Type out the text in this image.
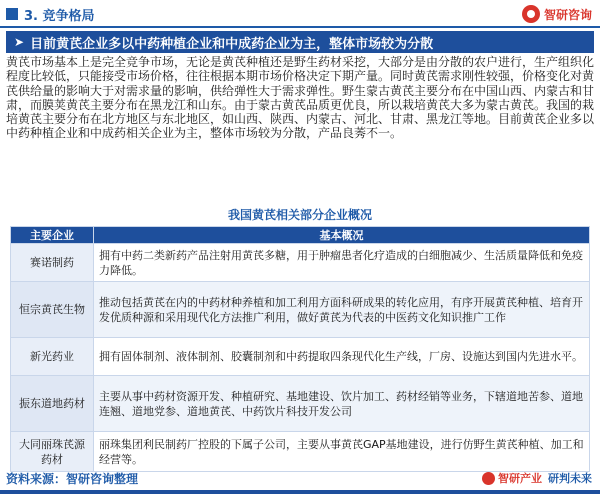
3. 竞争格局	智研咨询
➤ 目前黄芪企业多以中药种植企业和中成药企业为主，整体市场较为分散
黄芪市场基本上是完全竞争市场，无论是黄芪种植还是野生药材采挖，大部分是由分散的农户进行，生产组织化程度比较低，只能接受市场价格，往往根据本期市场价格决定下期产量。同时黄芪需求刚性较强，价格变化对黄芪供给量的影响大于对需求量的影响，供给弹性大于需求弹性。野生蒙古黄芪主要分布在中国山西、内蒙古和甘肃，而膜荚黄芪主要分布在黑龙江和山东。由于蒙古黄芪品质更优良，所以栽培黄芪大多为蒙古黄芪。我国的栽培黄芪主要分布在北方地区与东北地区，如山西、陕西、内蒙古、河北、甘肃、黑龙江等地。目前黄芪企业多以中药种植企业和中成药相关企业为主，整体市场较为分散，产品良莠不一。
我国黄芪相关部分企业概况
主要企业	基本概况
赛诺制药	拥有中药二类新药产品注射用黄芪多糖，用于肿瘤患者化疗造成的白细胞减少、生活质量降低和免疫力降低。
恒宗黄芪生物	推动包括黄芪在内的中药材种养植和加工利用方面科研成果的转化应用，有序开展黄芪种植、培育开发优质种源和采用现代化方法推广利用，做好黄芪为代表的中医药文化知识推广工作
新光药业	拥有固体制剂、液体制剂、胶囊制剂和中药提取四条现代化生产线，厂房、设施达到国内先进水平。
振东道地药材	主要从事中药材资源开发、种植研究、基地建设、饮片加工、药材经销等业务，下辖道地苦参、道地连翘、道地党参、道地黄芪、中药饮片科技开发公司
大同丽珠芪源药材	丽珠集团利民制药厂控股的下属子公司，主要从事黄芪GAP基地建设，进行仿野生黄芪种植、加工和经营等。
资料来源：智研咨询整理	智研产业 研判未来
